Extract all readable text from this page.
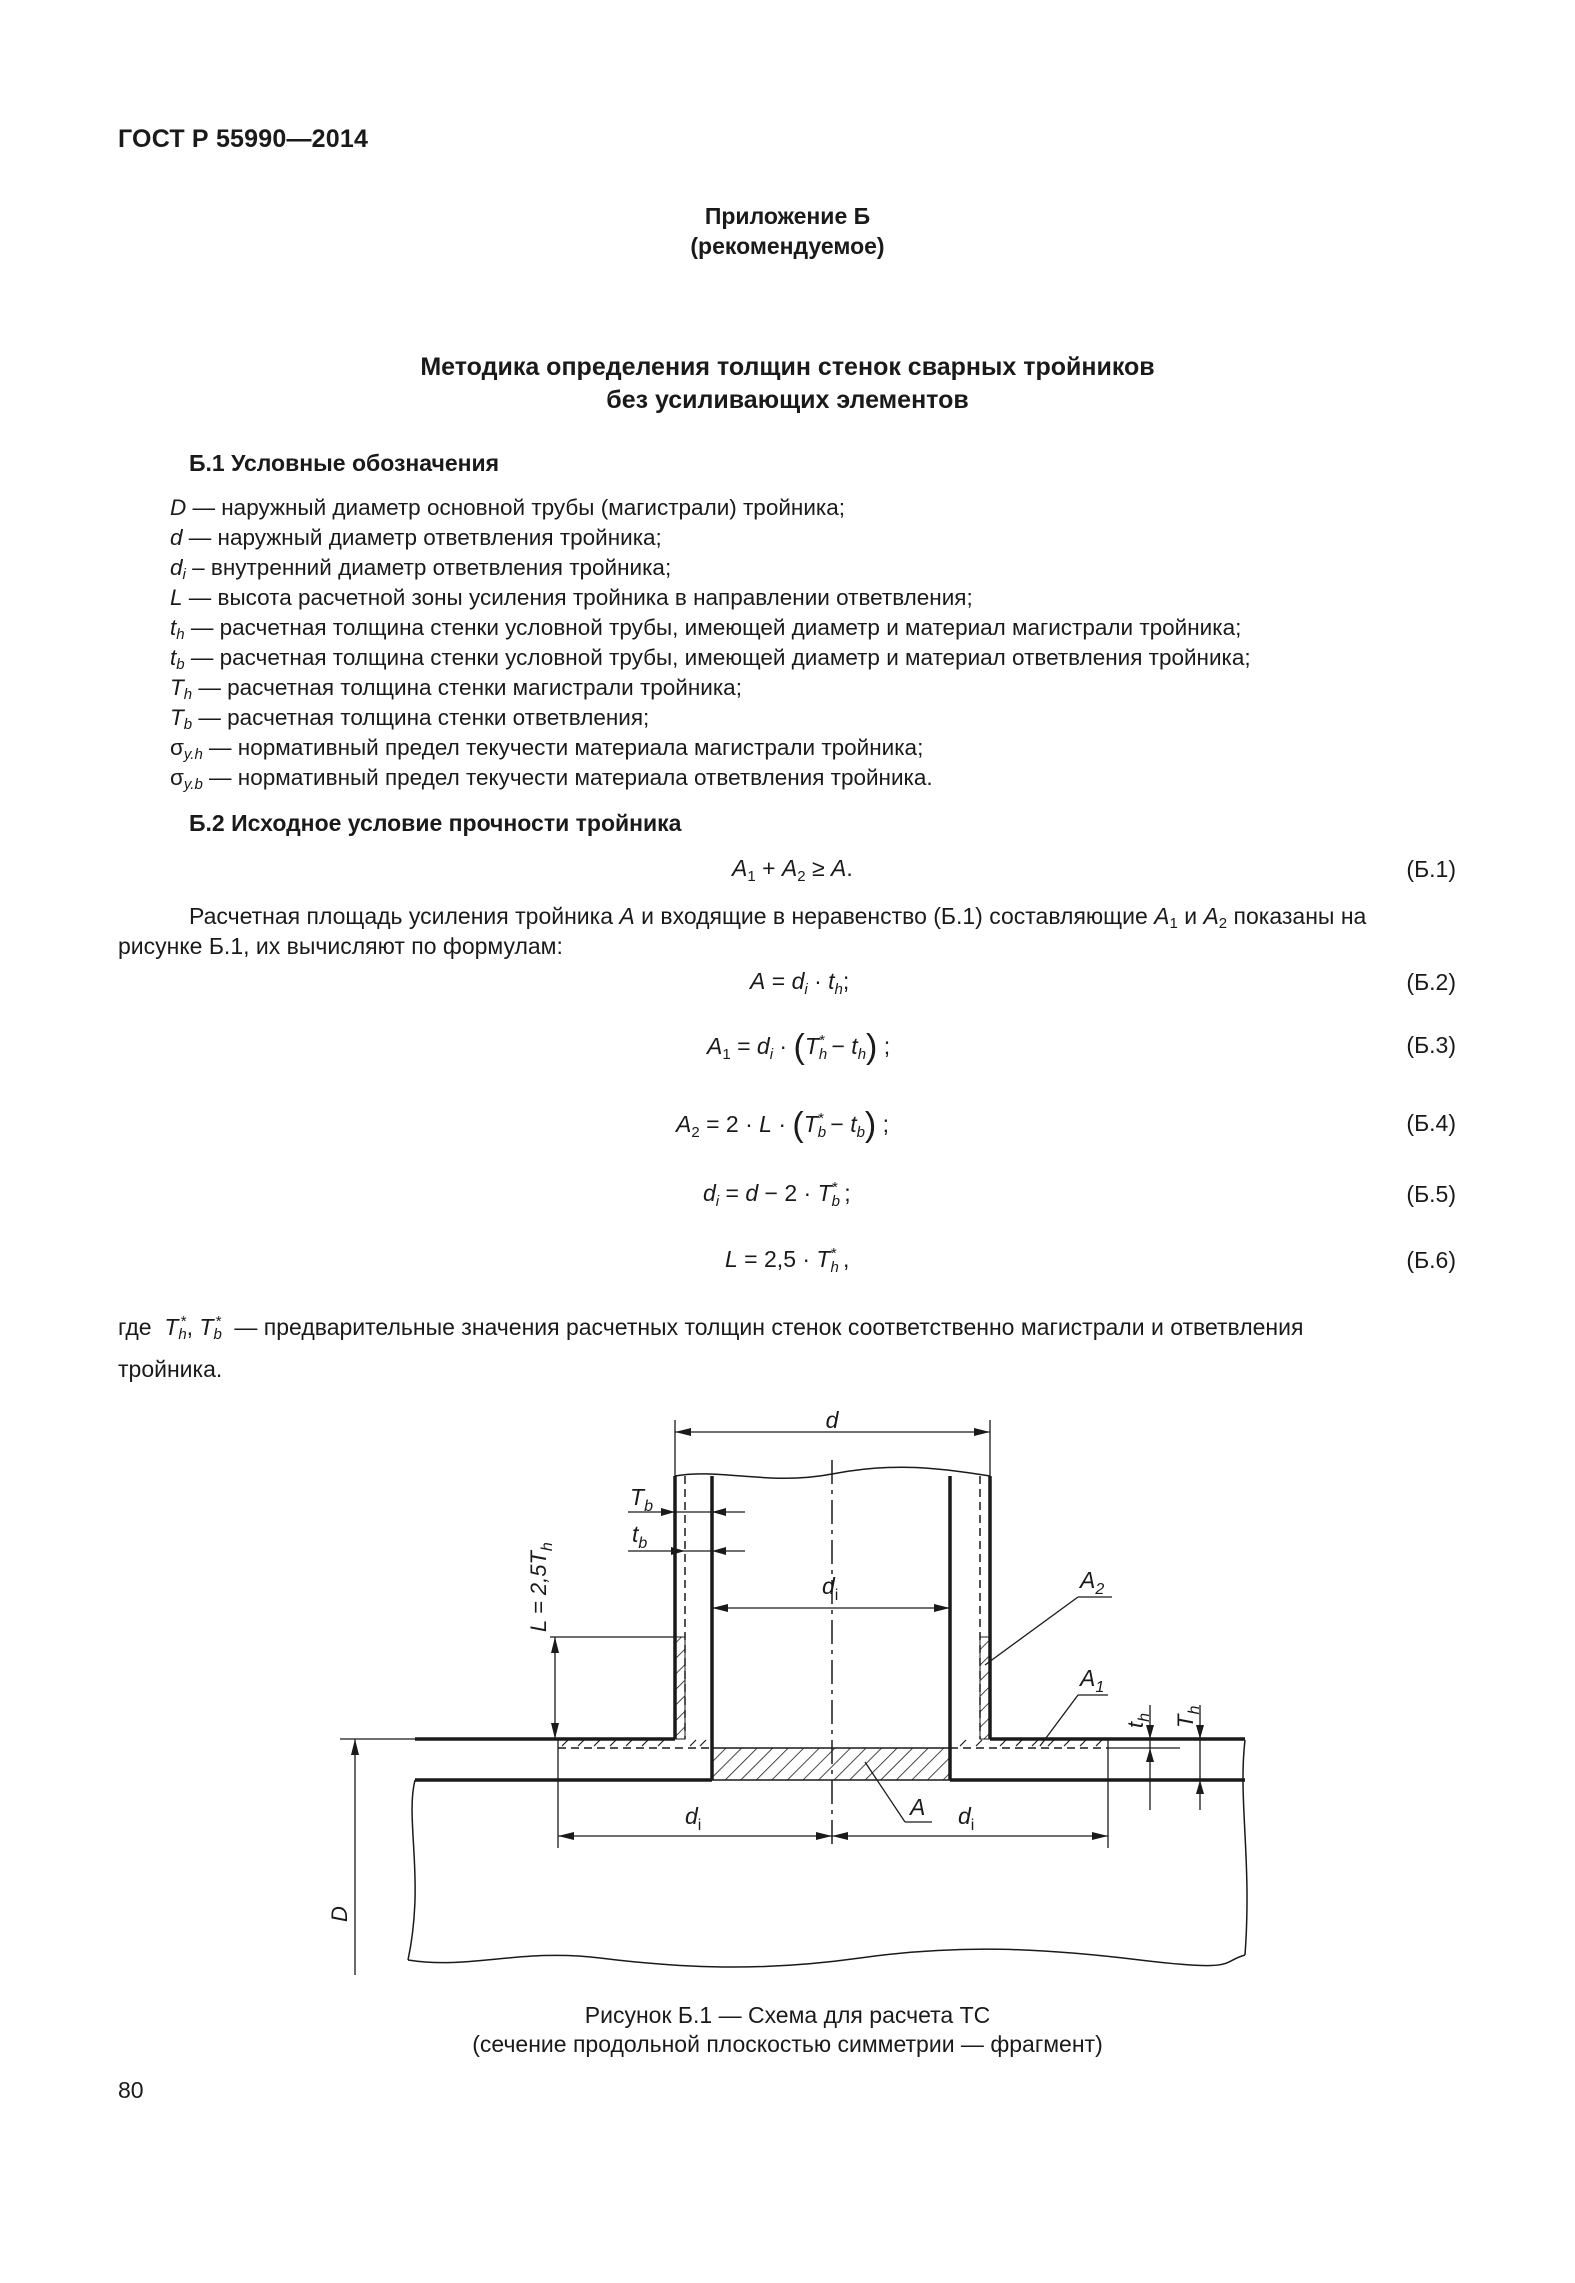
ГОСТ Р 55990—2014
Приложение Б
(рекомендуемое)
Методика определения толщин стенок сварных тройников
без усиливающих элементов
Б.1 Условные обозначения
D — наружный диаметр основной трубы (магистрали) тройника;
d — наружный диаметр ответвления тройника;
$d_i$ – внутренний диаметр ответвления тройника;
L — высота расчетной зоны усиления тройника в направлении ответвления;
$t_h$ — расчетная толщина стенки условной трубы, имеющей диаметр и материал магистрали тройника;
$t_b$ — расчетная толщина стенки условной трубы, имеющей диаметр и материал ответвления тройника;
$T_h$ — расчетная толщина стенки магистрали тройника;
$T_b$ — расчетная толщина стенки ответвления;
$\sigma_{y.h}$ — нормативный предел текучести материала магистрали тройника;
$\sigma_{y.b}$ — нормативный предел текучести материала ответвления тройника.
Б.2 Исходное условие прочности тройника
$A_1 + A_2 \ge A$.	(Б.1)
Расчетная площадь усиления тройника А и входящие в неравенство (Б.1) составляющие $А_1$ и $А_2$ показаны на
рисунке Б.1, их вычисляют по формулам:
$A = d_i \cdot t_h$;	(Б.2)
$A_1 = d_i \cdot (T_h^* - t_h)$ ;	(Б.3)
$A_2 = 2 \cdot L \cdot (T_b^* - t_b)$ ;	(Б.4)
$d_i = d - 2 \cdot T_b^*$ ;	(Б.5)
$L = 2,5 \cdot T_h^*$ ,	(Б.6)
где  $T_h^*$, $T_b^*$  — предварительные значения расчетных толщин стенок соответственно магистрали и ответвления
тройника.
d
$d_i$
$T_b$
$t_b$
$L = 2,5T_h$
$A_2$
$A_1$
$t_h$ $T_h$
$d_i$	$d_i$
A
D
Рисунок Б.1 — Схема для расчета ТС
(сечение продольной плоскостью симметрии — фрагмент)
80
